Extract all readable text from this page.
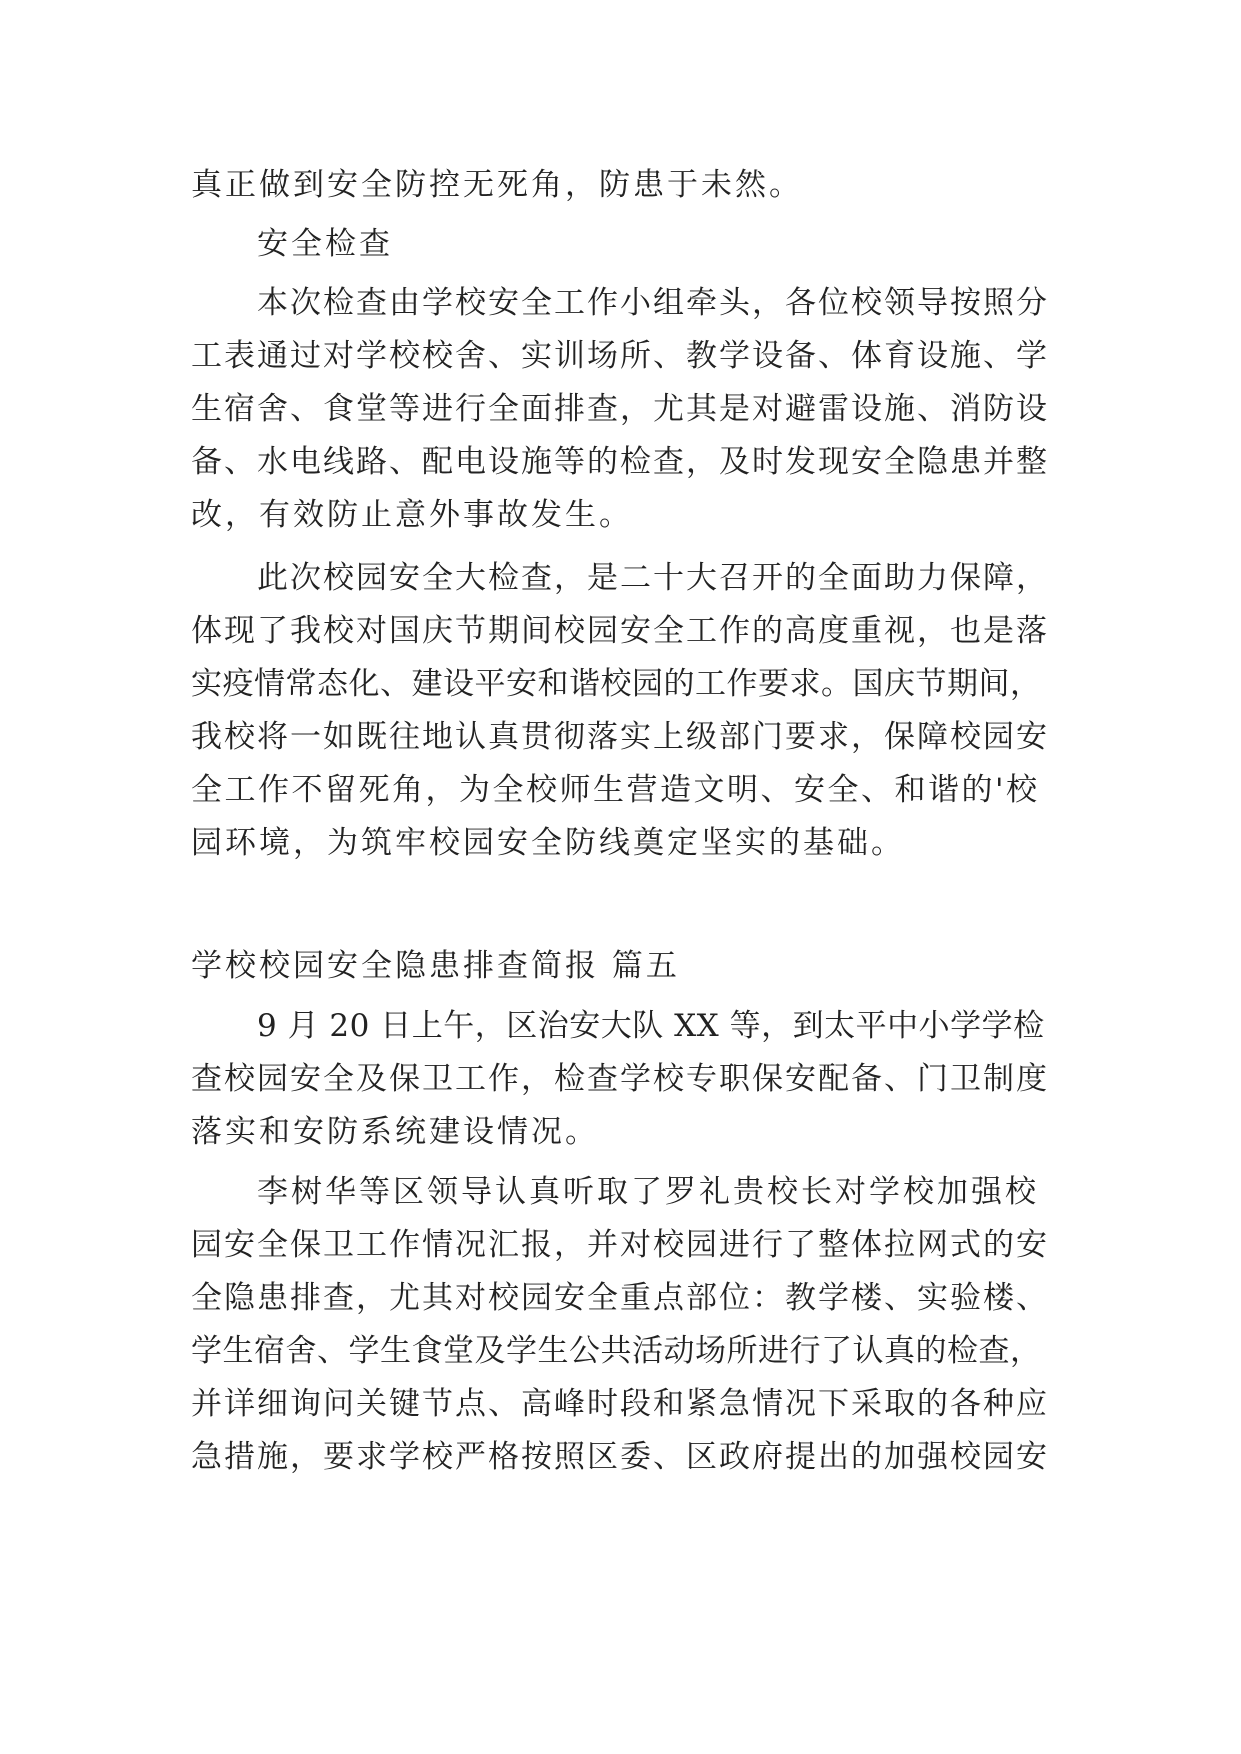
真正做到安全防控无死角，防患于未然。
安全检查
本次检查由学校安全工作小组牵头，各位校领导按照分
工表通过对学校校舍、实训场所、教学设备、体育设施、学
生宿舍、食堂等进行全面排查，尤其是对避雷设施、消防设
备、水电线路、配电设施等的检查，及时发现安全隐患并整
改，有效防止意外事故发生。
此次校园安全大检查，是二十大召开的全面助力保障，
体现了我校对国庆节期间校园安全工作的高度重视，也是落
实疫情常态化、建设平安和谐校园的工作要求。国庆节期间，
我校将一如既往地认真贯彻落实上级部门要求，保障校园安
全工作不留死角，为全校师生营造文明、安全、和谐的'校
园环境，为筑牢校园安全防线奠定坚实的基础。
学校校园安全隐患排查简报 篇五
9 月 20 日上午，区治安大队 XX 等，到太平中小学学检
查校园安全及保卫工作，检查学校专职保安配备、门卫制度
落实和安防系统建设情况。
李树华等区领导认真听取了罗礼贵校长对学校加强校
园安全保卫工作情况汇报，并对校园进行了整体拉网式的安
全隐患排查，尤其对校园安全重点部位：教学楼、实验楼、
学生宿舍、学生食堂及学生公共活动场所进行了认真的检查，
并详细询问关键节点、高峰时段和紧急情况下采取的各种应
急措施，要求学校严格按照区委、区政府提出的加强校园安
